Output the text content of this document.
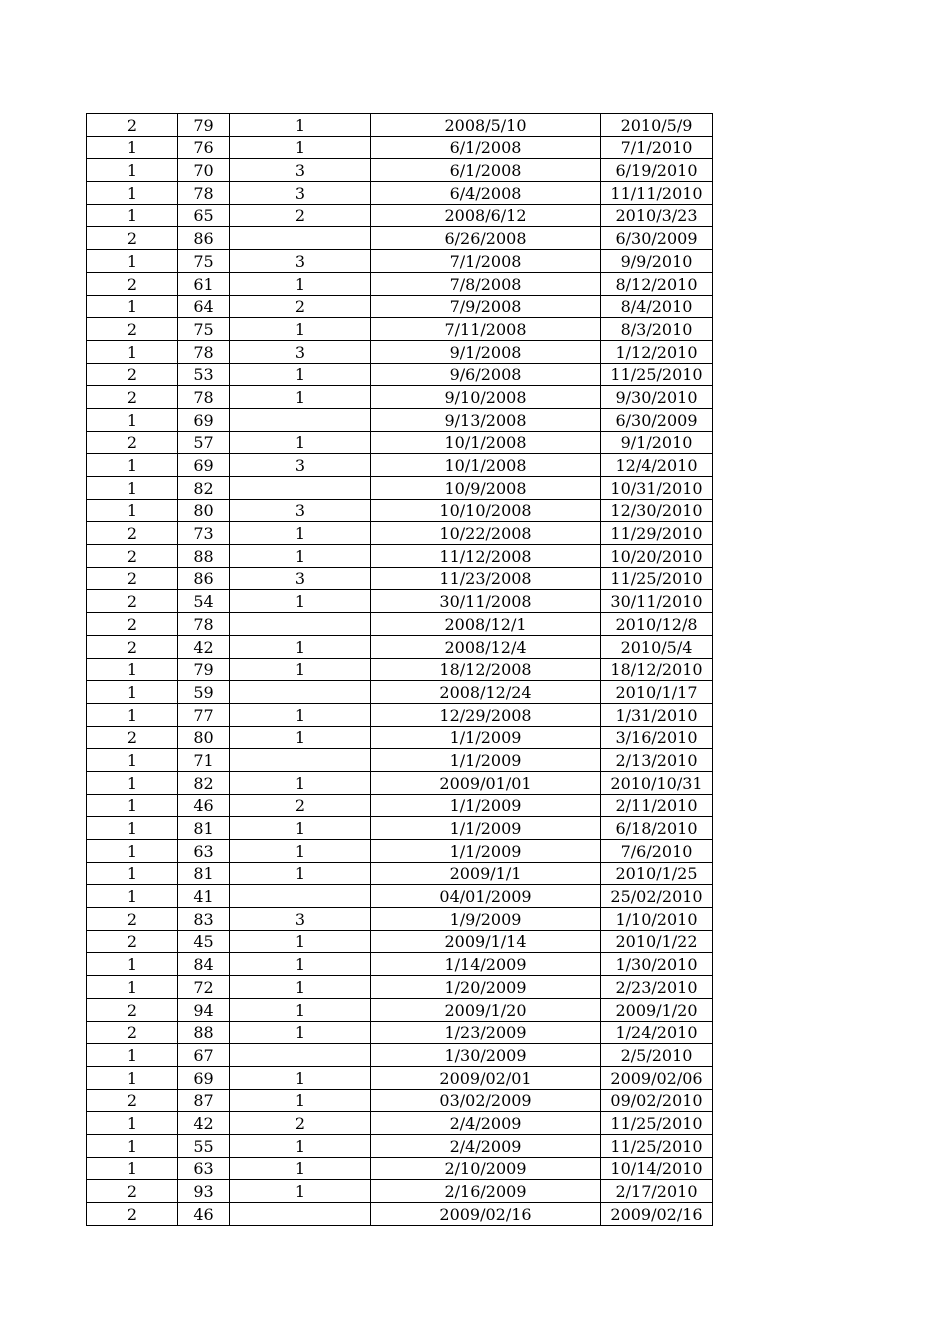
2	79	1	2008/5/10	2010/5/9
1	76	1	6/1/2008	7/1/2010
1	70	3	6/1/2008	6/19/2010
1	78	3	6/4/2008	11/11/2010
1	65	2	2008/6/12	2010/3/23
2	86		6/26/2008	6/30/2009
1	75	3	7/1/2008	9/9/2010
2	61	1	7/8/2008	8/12/2010
1	64	2	7/9/2008	8/4/2010
2	75	1	7/11/2008	8/3/2010
1	78	3	9/1/2008	1/12/2010
2	53	1	9/6/2008	11/25/2010
2	78	1	9/10/2008	9/30/2010
1	69		9/13/2008	6/30/2009
2	57	1	10/1/2008	9/1/2010
1	69	3	10/1/2008	12/4/2010
1	82		10/9/2008	10/31/2010
1	80	3	10/10/2008	12/30/2010
2	73	1	10/22/2008	11/29/2010
2	88	1	11/12/2008	10/20/2010
2	86	3	11/23/2008	11/25/2010
2	54	1	30/11/2008	30/11/2010
2	78		2008/12/1	2010/12/8
2	42	1	2008/12/4	2010/5/4
1	79	1	18/12/2008	18/12/2010
1	59		2008/12/24	2010/1/17
1	77	1	12/29/2008	1/31/2010
2	80	1	1/1/2009	3/16/2010
1	71		1/1/2009	2/13/2010
1	82	1	2009/01/01	2010/10/31
1	46	2	1/1/2009	2/11/2010
1	81	1	1/1/2009	6/18/2010
1	63	1	1/1/2009	7/6/2010
1	81	1	2009/1/1	2010/1/25
1	41		04/01/2009	25/02/2010
2	83	3	1/9/2009	1/10/2010
2	45	1	2009/1/14	2010/1/22
1	84	1	1/14/2009	1/30/2010
1	72	1	1/20/2009	2/23/2010
2	94	1	2009/1/20	2009/1/20
2	88	1	1/23/2009	1/24/2010
1	67		1/30/2009	2/5/2010
1	69	1	2009/02/01	2009/02/06
2	87	1	03/02/2009	09/02/2010
1	42	2	2/4/2009	11/25/2010
1	55	1	2/4/2009	11/25/2010
1	63	1	2/10/2009	10/14/2010
2	93	1	2/16/2009	2/17/2010
2	46		2009/02/16	2009/02/16
